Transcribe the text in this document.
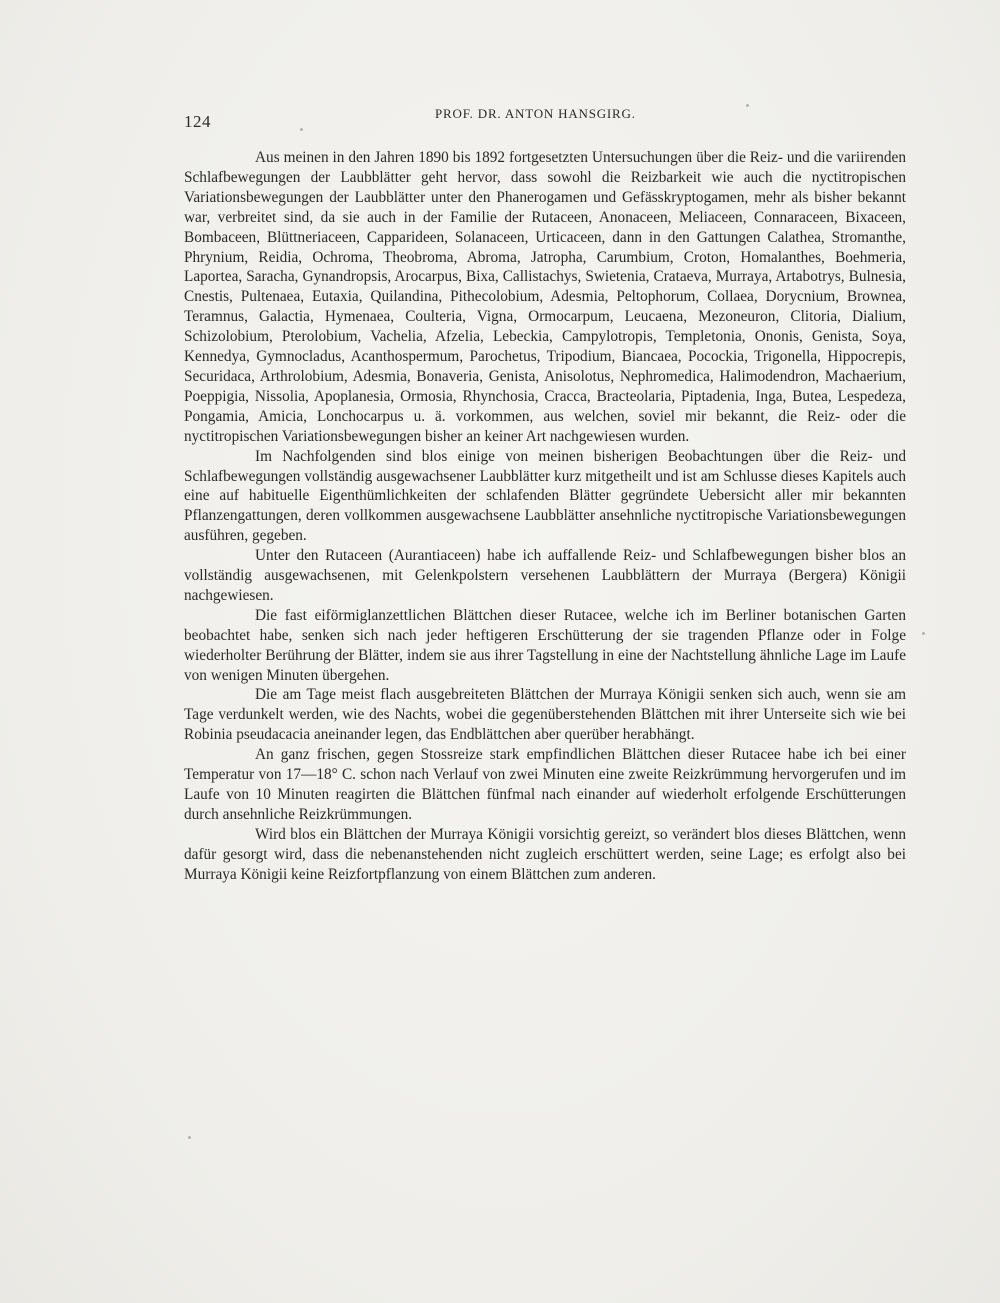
124	PROF. DR. ANTON HANSGIRG.

Aus meinen in den Jahren 1890 bis 1892 fortgesetzten Untersuchungen über die Reiz- und die variirenden Schlafbewegungen der Laubblätter geht hervor, dass sowohl die Reizbarkeit wie auch die nyctitropischen Variationsbewegungen der Laubblätter unter den Phanerogamen und Gefässkryptogamen, mehr als bisher bekannt war, verbreitet sind, da sie auch in der Familie der Rutaceen, Anonaceen, Meliaceen, Connaraceen, Bixaceen, Bombaceen, Blüttneriaceen, Capparideen, Solanaceen, Urticaceen, dann in den Gattungen Calathea, Stromanthe, Phrynium, Reidia, Ochroma, Theobroma, Abroma, Jatropha, Carumbium, Croton, Homalanthes, Boehmeria, Laportea, Saracha, Gynandropsis, Arocarpus, Bixa, Callistachys, Swietenia, Crataeva, Murraya, Artabotrys, Bulnesia, Cnestis, Pultenaea, Eutaxia, Quilandina, Pithecolobium, Adesmia, Peltophorum, Collaea, Dorycnium, Brownea, Teramnus, Galactia, Hymenaea, Coulteria, Vigna, Ormocarpum, Leucaena, Mezoneuron, Clitoria, Dialium, Schizolobium, Pterolobium, Vachelia, Afzelia, Lebeckia, Campylotropis, Templetonia, Ononis, Genista, Soya, Kennedya, Gymnocladus, Acanthospermum, Parochetus, Tripodium, Biancaea, Pocockia, Trigonella, Hippocrepis, Securidaca, Arthrolobium, Adesmia, Bonaveria, Genista, Anisolotus, Nephromedica, Halimodendron, Machaerium, Poeppigia, Nissolia, Apoplanesia, Ormosia, Rhynchosia, Cracca, Bracteolaria, Piptadenia, Inga, Butea, Lespedeza, Pongamia, Amicia, Lonchocarpus u. ä. vorkommen, aus welchen, soviel mir bekannt, die Reiz- oder die nyctitropischen Variationsbewegungen bisher an keiner Art nachgewiesen wurden.

Im Nachfolgenden sind blos einige von meinen bisherigen Beobachtungen über die Reiz- und Schlafbewegungen vollständig ausgewachsener Laubblätter kurz mitgetheilt und ist am Schlusse dieses Kapitels auch eine auf habituelle Eigenthümlichkeiten der schlafenden Blätter gegründete Uebersicht aller mir bekannten Pflanzengattungen, deren vollkommen ausgewachsene Laubblätter ansehnliche nyctitropische Variationsbewegungen ausführen, gegeben.

Unter den Rutaceen (Aurantiaceen) habe ich auffallende Reiz- und Schlafbewegungen bisher blos an vollständig ausgewachsenen, mit Gelenkpolstern versehenen Laubblättern der Murraya (Bergera) Königii nachgewiesen.

Die fast eiförmiglanzettlichen Blättchen dieser Rutacee, welche ich im Berliner botanischen Garten beobachtet habe, senken sich nach jeder heftigeren Erschütterung der sie tragenden Pflanze oder in Folge wiederholter Berührung der Blätter, indem sie aus ihrer Tagstellung in eine der Nachtstellung ähnliche Lage im Laufe von wenigen Minuten übergehen.

Die am Tage meist flach ausgebreiteten Blättchen der Murraya Königii senken sich auch, wenn sie am Tage verdunkelt werden, wie des Nachts, wobei die gegenüberstehenden Blättchen mit ihrer Unterseite sich wie bei Robinia pseudacacia aneinander legen, das Endblättchen aber querüber herabhängt.

An ganz frischen, gegen Stossreize stark empfindlichen Blättchen dieser Rutacee habe ich bei einer Temperatur von 17—18° C. schon nach Verlauf von zwei Minuten eine zweite Reizkrümmung hervorgerufen und im Laufe von 10 Minuten reagirten die Blättchen fünfmal nach einander auf wiederholt erfolgende Erschütterungen durch ansehnliche Reizkrümmungen.

Wird blos ein Blättchen der Murraya Königii vorsichtig gereizt, so verändert blos dieses Blättchen, wenn dafür gesorgt wird, dass die nebenanstehenden nicht zugleich erschüttert werden, seine Lage; es erfolgt also bei Murraya Königii keine Reizfortpflanzung von einem Blättchen zum anderen.
